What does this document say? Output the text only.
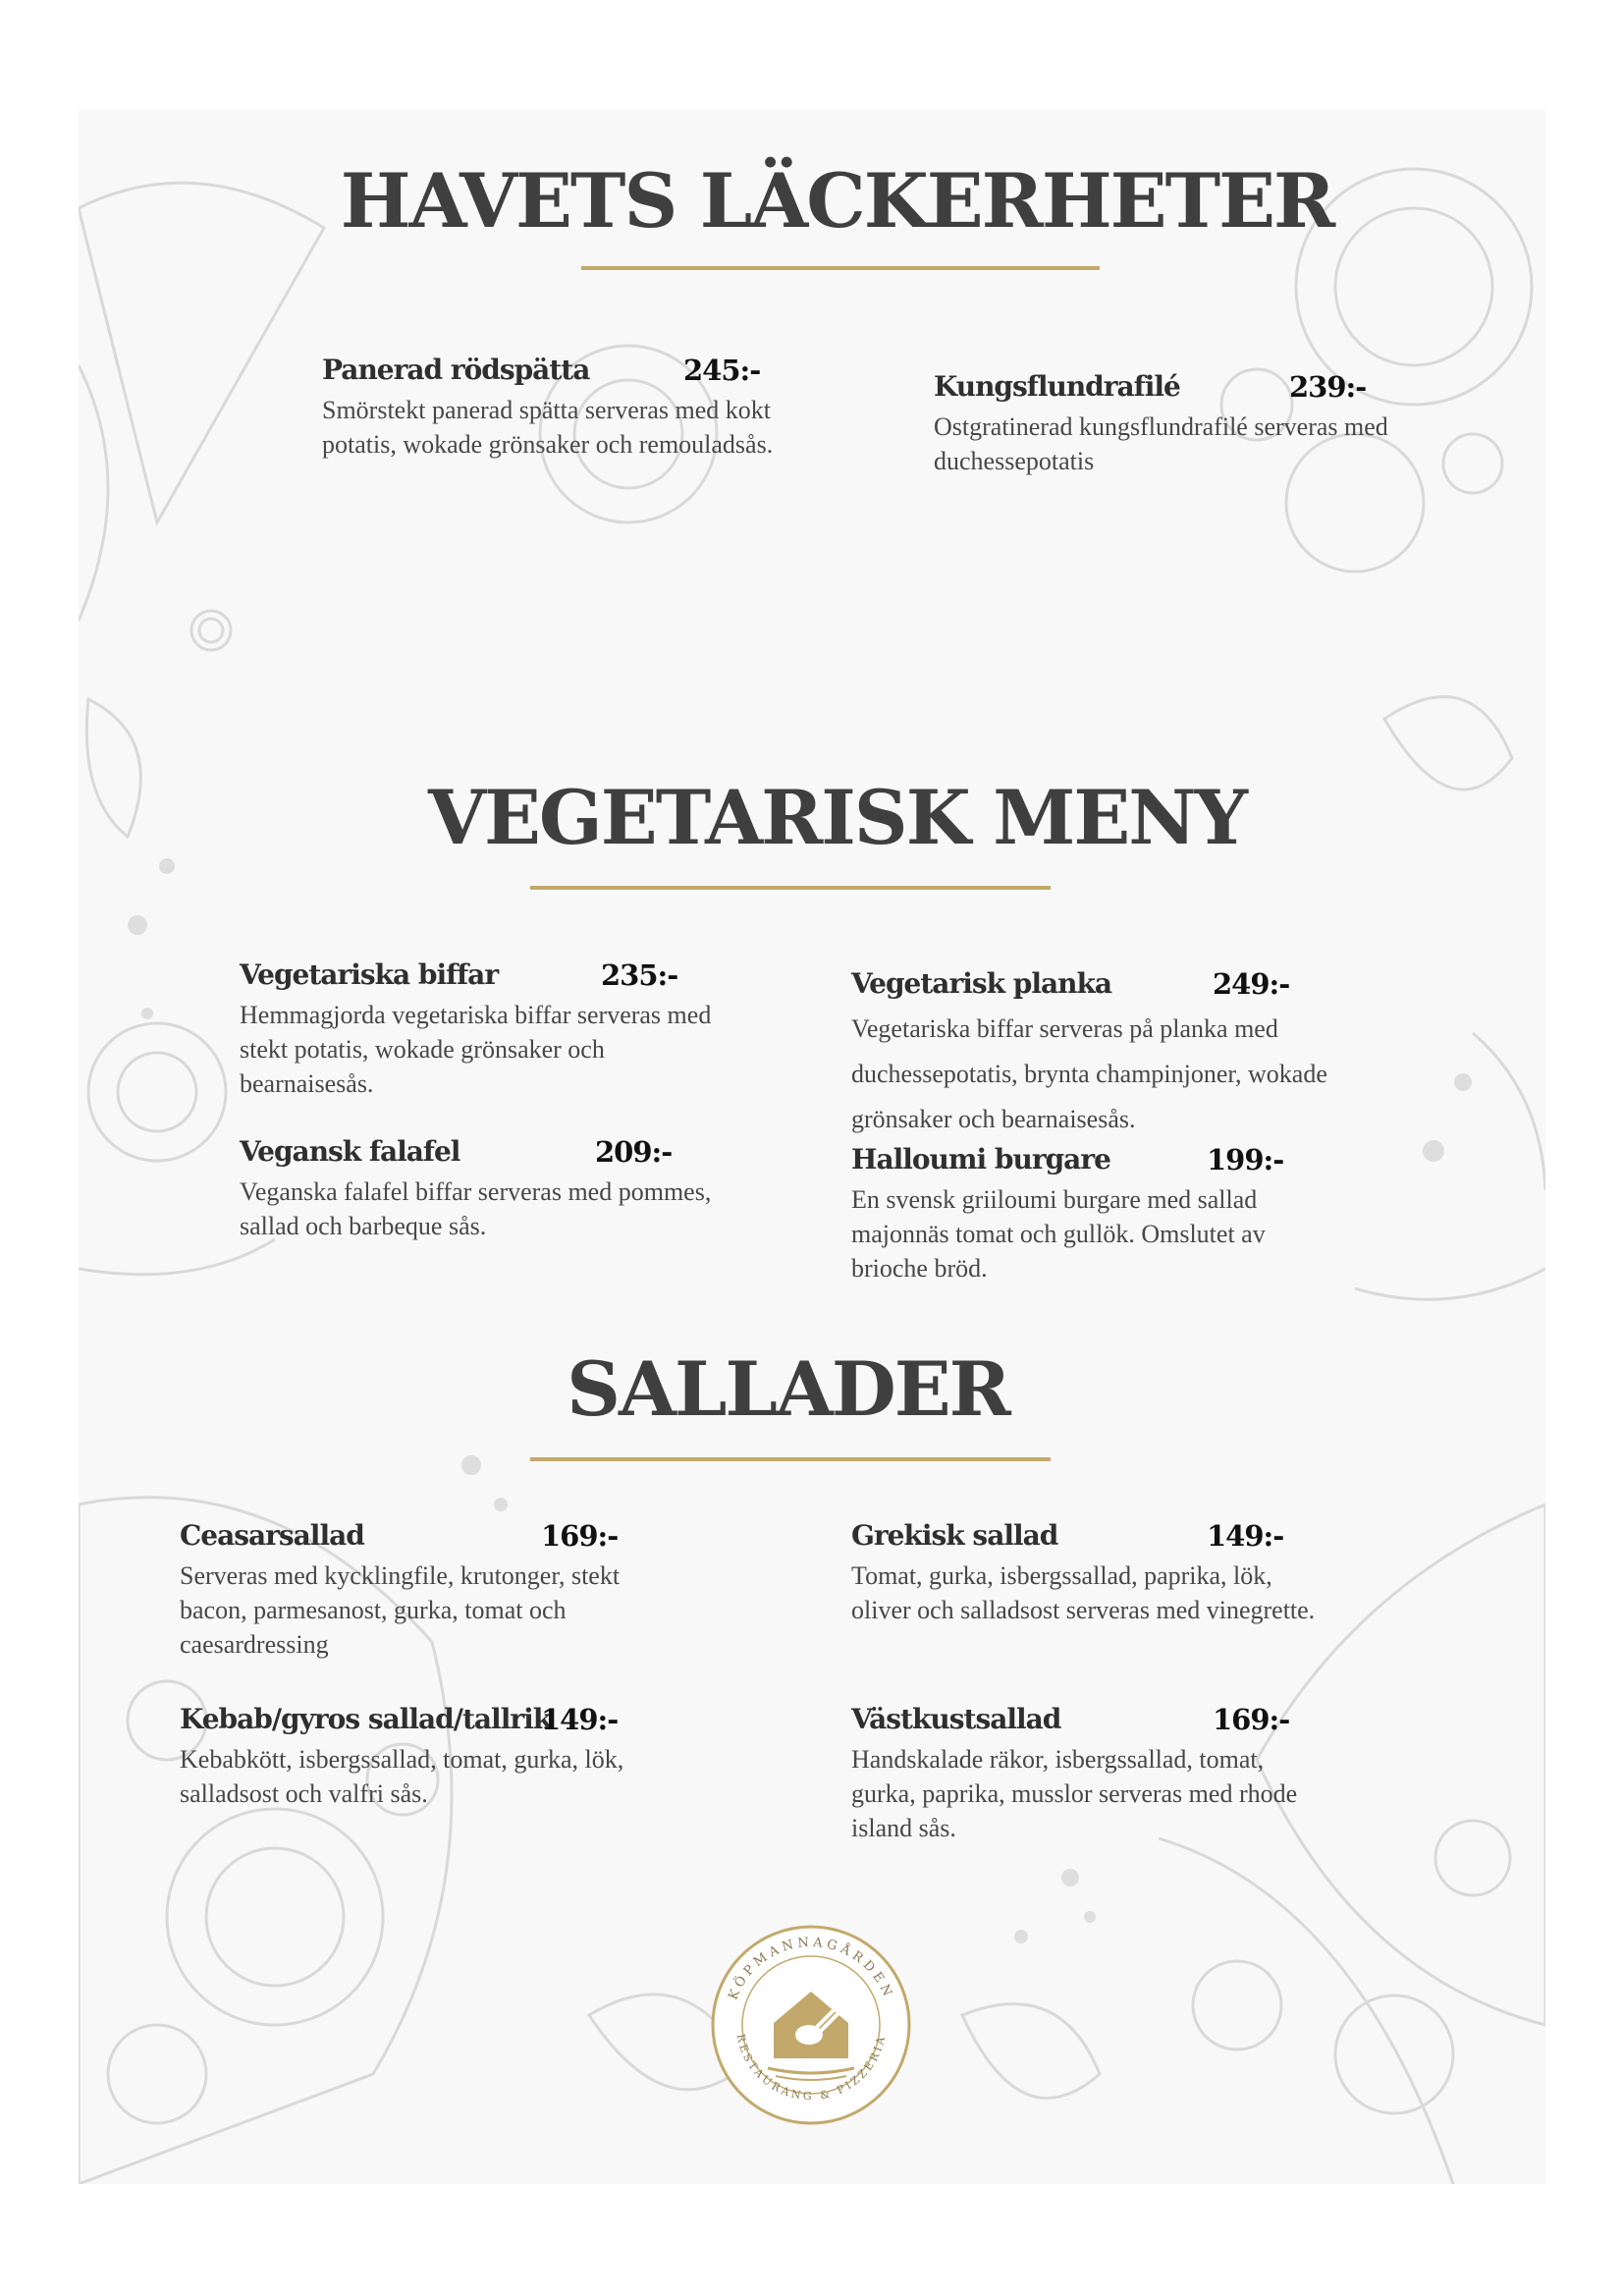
HAVETS LÄCKERHETER
Panerad rödspätta	245:-

Smörstekt panerad spätta serveras med kokt potatis, wokade grönsaker och remouladsås.

Kungsflundrafilé	239:-

Ostgratinerad kungsflundrafilé serveras med duchessepotatis

VEGETARISK MENY
Vegetariska biffar	235:-

Hemmagjorda vegetariska biffar serveras med stekt potatis, wokade grönsaker och bearnaisesås.

Vegetarisk planka	249:-

Vegetariska biffar serveras på planka med duchessepotatis, brynta champinjoner, wokade grönsaker och bearnaisesås.

Vegansk falafel	209:-

Veganska falafel biffar serveras med pommes, sallad och barbeque sås.

Halloumi burgare	199:-

En svensk griiloumi burgare med sallad majonnäs tomat och gullök. Omslutet av brioche bröd.

SALLADER
Ceasarsallad	169:-

Serveras med kycklingfile, krutonger, stekt bacon, parmesanost, gurka, tomat och caesardressing

Grekisk sallad	149:-

Tomat, gurka, isbergssallad, paprika, lök, oliver och salladsost serveras med vinegrette.

Kebab/gyros sallad/tallrik
149:-

Kebabkött, isbergssallad, tomat, gurka, lök, salladsost och valfri sås.

Västkustsallad	169:-

Handskalade räkor, isbergssallad, tomat, gurka, paprika, musslor serveras med rhode island sås.

KÖPMANNAGÅRDEN
RESTAURANG & PIZZERIA
